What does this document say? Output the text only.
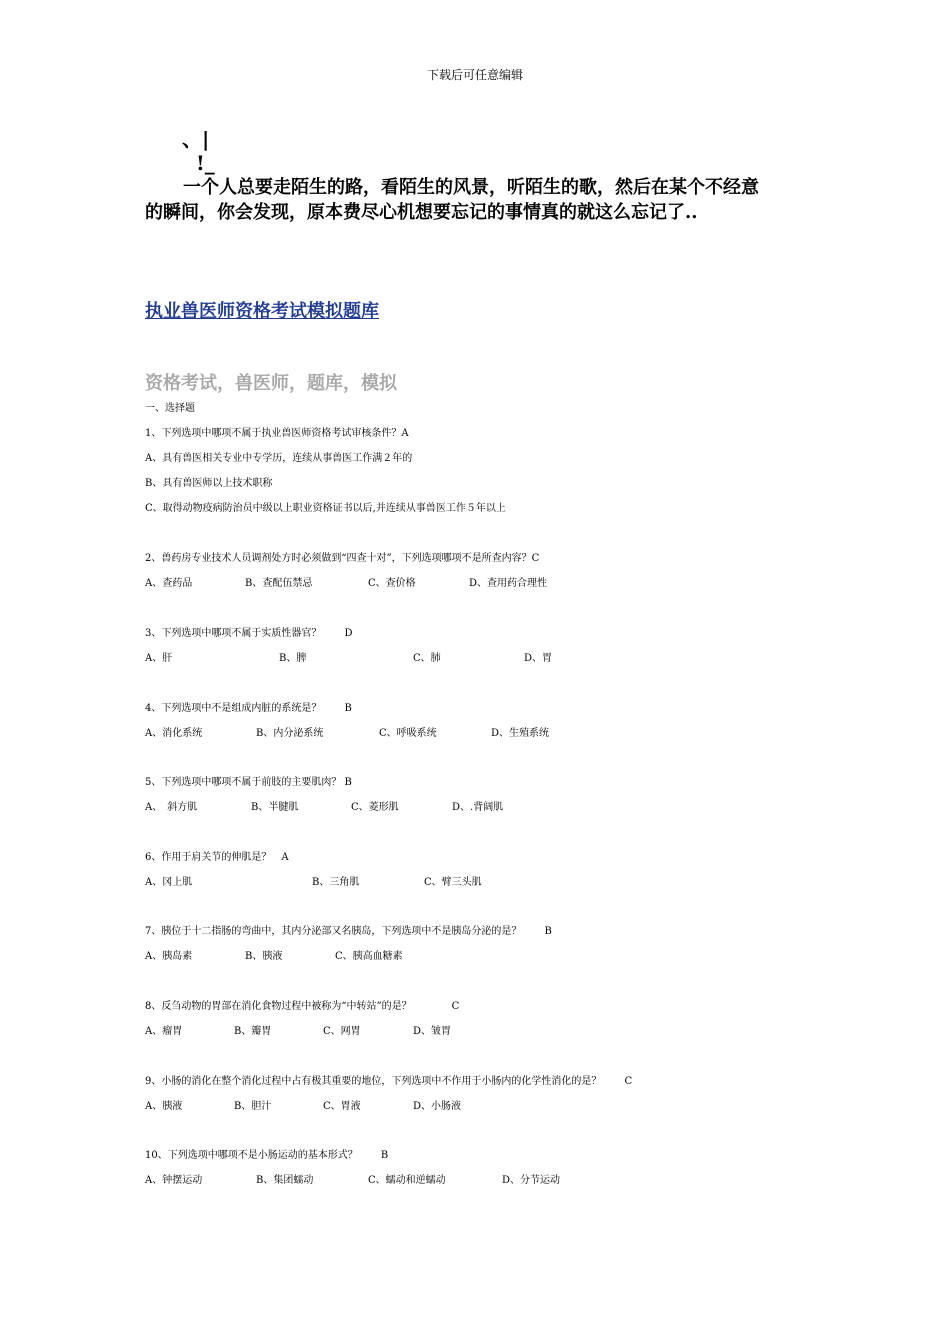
下载后可任意编辑
、|
!_

一个人总要走陌生的路，看陌生的风景，听陌生的歌，然后在某个不经意

的瞬间，你会发现，原本费尽心机想要忘记的事情真的就这么忘记了..

执业兽医师资格考试模拟题库
资格考试，兽医师，题库，模拟
一、选择题
1、下列选项中哪项不属于执业兽医师资格考试审核条件？A
A、具有兽医相关专业中专学历，连续从事兽医工作满２年的
B、具有兽医师以上技术职称
C、取得动物疫病防治员中级以上职业资格证书以后,并连续从事兽医工作５年以上
2、兽药房专业技术人员调剂处方时必须做到“四查十对”，下列选项哪项不是所查内容？C
A、查药品	B、查配伍禁忌	C、查价格	D、查用药合理性
3、下列选项中哪项不属于实质性器官？　　 D
A、肝	B、脾	C、肺	D、胃
4、下列选项中不是组成内脏的系统是？　　 B
A、消化系统	B、内分泌系统	C、呼吸系统	D、生殖系统
5、下列选项中哪项不属于前肢的主要肌肉？ B
A、　斜方肌	B、半腱肌	C、菱形肌	D、.背阔肌
6、作用于肩关节的伸肌是？　A
A、冈上肌	B、三角肌	C、臂三头肌
7、胰位于十二指肠的弯曲中，其内分泌部又名胰岛，下列选项中不是胰岛分泌的是？　　 B
A、胰岛素	B、胰液	C、胰高血糖素
8、反刍动物的胃部在消化食物过程中被称为“中转站”的是？　　　　C
A、瘤胃	B、瓣胃	C、网胃	D、皱胃
9、小肠的消化在整个消化过程中占有极其重要的地位，下列选项中不作用于小肠内的化学性消化的是？　　 C
A、胰液	B、胆汁	C、胃液	D、小肠液
10、下列选项中哪项不是小肠运动的基本形式？　　 B
A、钟摆运动	B、集团蠕动	C、蠕动和逆蠕动	D、分节运动
